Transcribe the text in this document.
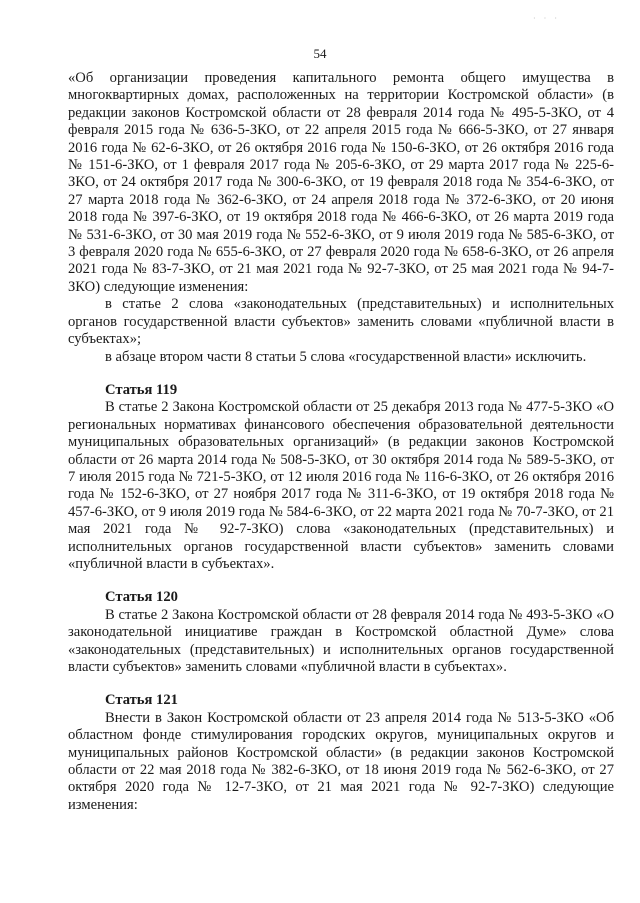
· · ·
54

«Об организации проведения капитального ремонта общего имущества в многоквартирных домах, расположенных на территории Костромской области» (в редакции законов Костромской области от 28 февраля 2014 года № 495-5-ЗКО, от 4 февраля 2015 года № 636-5-ЗКО, от 22 апреля 2015 года № 666-5-ЗКО, от 27 января 2016 года № 62-6-ЗКО, от 26 октября 2016 года № 150-6-ЗКО, от 26 октября 2016 года № 151-6-ЗКО, от 1 февраля 2017 года № 205-6-ЗКО, от 29 марта 2017 года № 225-6-ЗКО, от 24 октября 2017 года № 300-6-ЗКО, от 19 февраля 2018 года № 354-6-ЗКО, от 27 марта 2018 года № 362-6-ЗКО, от 24 апреля 2018 года № 372-6-ЗКО, от 20 июня 2018 года № 397-6-ЗКО, от 19 октября 2018 года № 466-6-ЗКО, от 26 марта 2019 года № 531-6-ЗКО, от 30 мая 2019 года № 552-6-ЗКО, от 9 июля 2019 года № 585-6-ЗКО, от 3 февраля 2020 года № 655-6-ЗКО, от 27 февраля 2020 года № 658-6-ЗКО, от 26 апреля 2021 года № 83-7-ЗКО, от 21 мая 2021 года № 92-7-ЗКО, от 25 мая 2021 года № 94-7-ЗКО) следующие изменения:

в статье 2 слова «законодательных (представительных) и исполнительных органов государственной власти субъектов» заменить словами «публичной власти в субъектах»;

в абзаце втором части 8 статьи 5 слова «государственной власти» исключить.

Статья 119

В статье 2 Закона Костромской области от 25 декабря 2013 года № 477-5-ЗКО «О региональных нормативах финансового обеспечения образовательной деятельности муниципальных образовательных организаций» (в редакции законов Костромской области от 26 марта 2014 года № 508-5-ЗКО, от 30 октября 2014 года № 589-5-ЗКО, от 7 июля 2015 года № 721-5-ЗКО, от 12 июля 2016 года № 116-6-ЗКО, от 26 октября 2016 года № 152-6-ЗКО, от 27 ноября 2017 года № 311-6-ЗКО, от 19 октября 2018 года № 457-6-ЗКО, от 9 июля 2019 года № 584-6-ЗКО, от 22 марта 2021 года № 70-7-ЗКО, от 21 мая 2021 года № 92-7-ЗКО) слова «законодательных (представительных) и исполнительных органов государственной власти субъектов» заменить словами «публичной власти в субъектах».

Статья 120

В статье 2 Закона Костромской области от 28 февраля 2014 года № 493-5-ЗКО «О законодательной инициативе граждан в Костромской областной Думе» слова «законодательных (представительных) и исполнительных органов государственной власти субъектов» заменить словами «публичной власти в субъектах».

Статья 121

Внести в Закон Костромской области от 23 апреля 2014 года № 513-5-ЗКО «Об областном фонде стимулирования городских округов, муниципальных округов и муниципальных районов Костромской области» (в редакции законов Костромской области от 22 мая 2018 года № 382-6-ЗКО, от 18 июня 2019 года № 562-6-ЗКО, от 27 октября 2020 года № 12-7-ЗКО, от 21 мая 2021 года № 92-7-ЗКО) следующие изменения:
